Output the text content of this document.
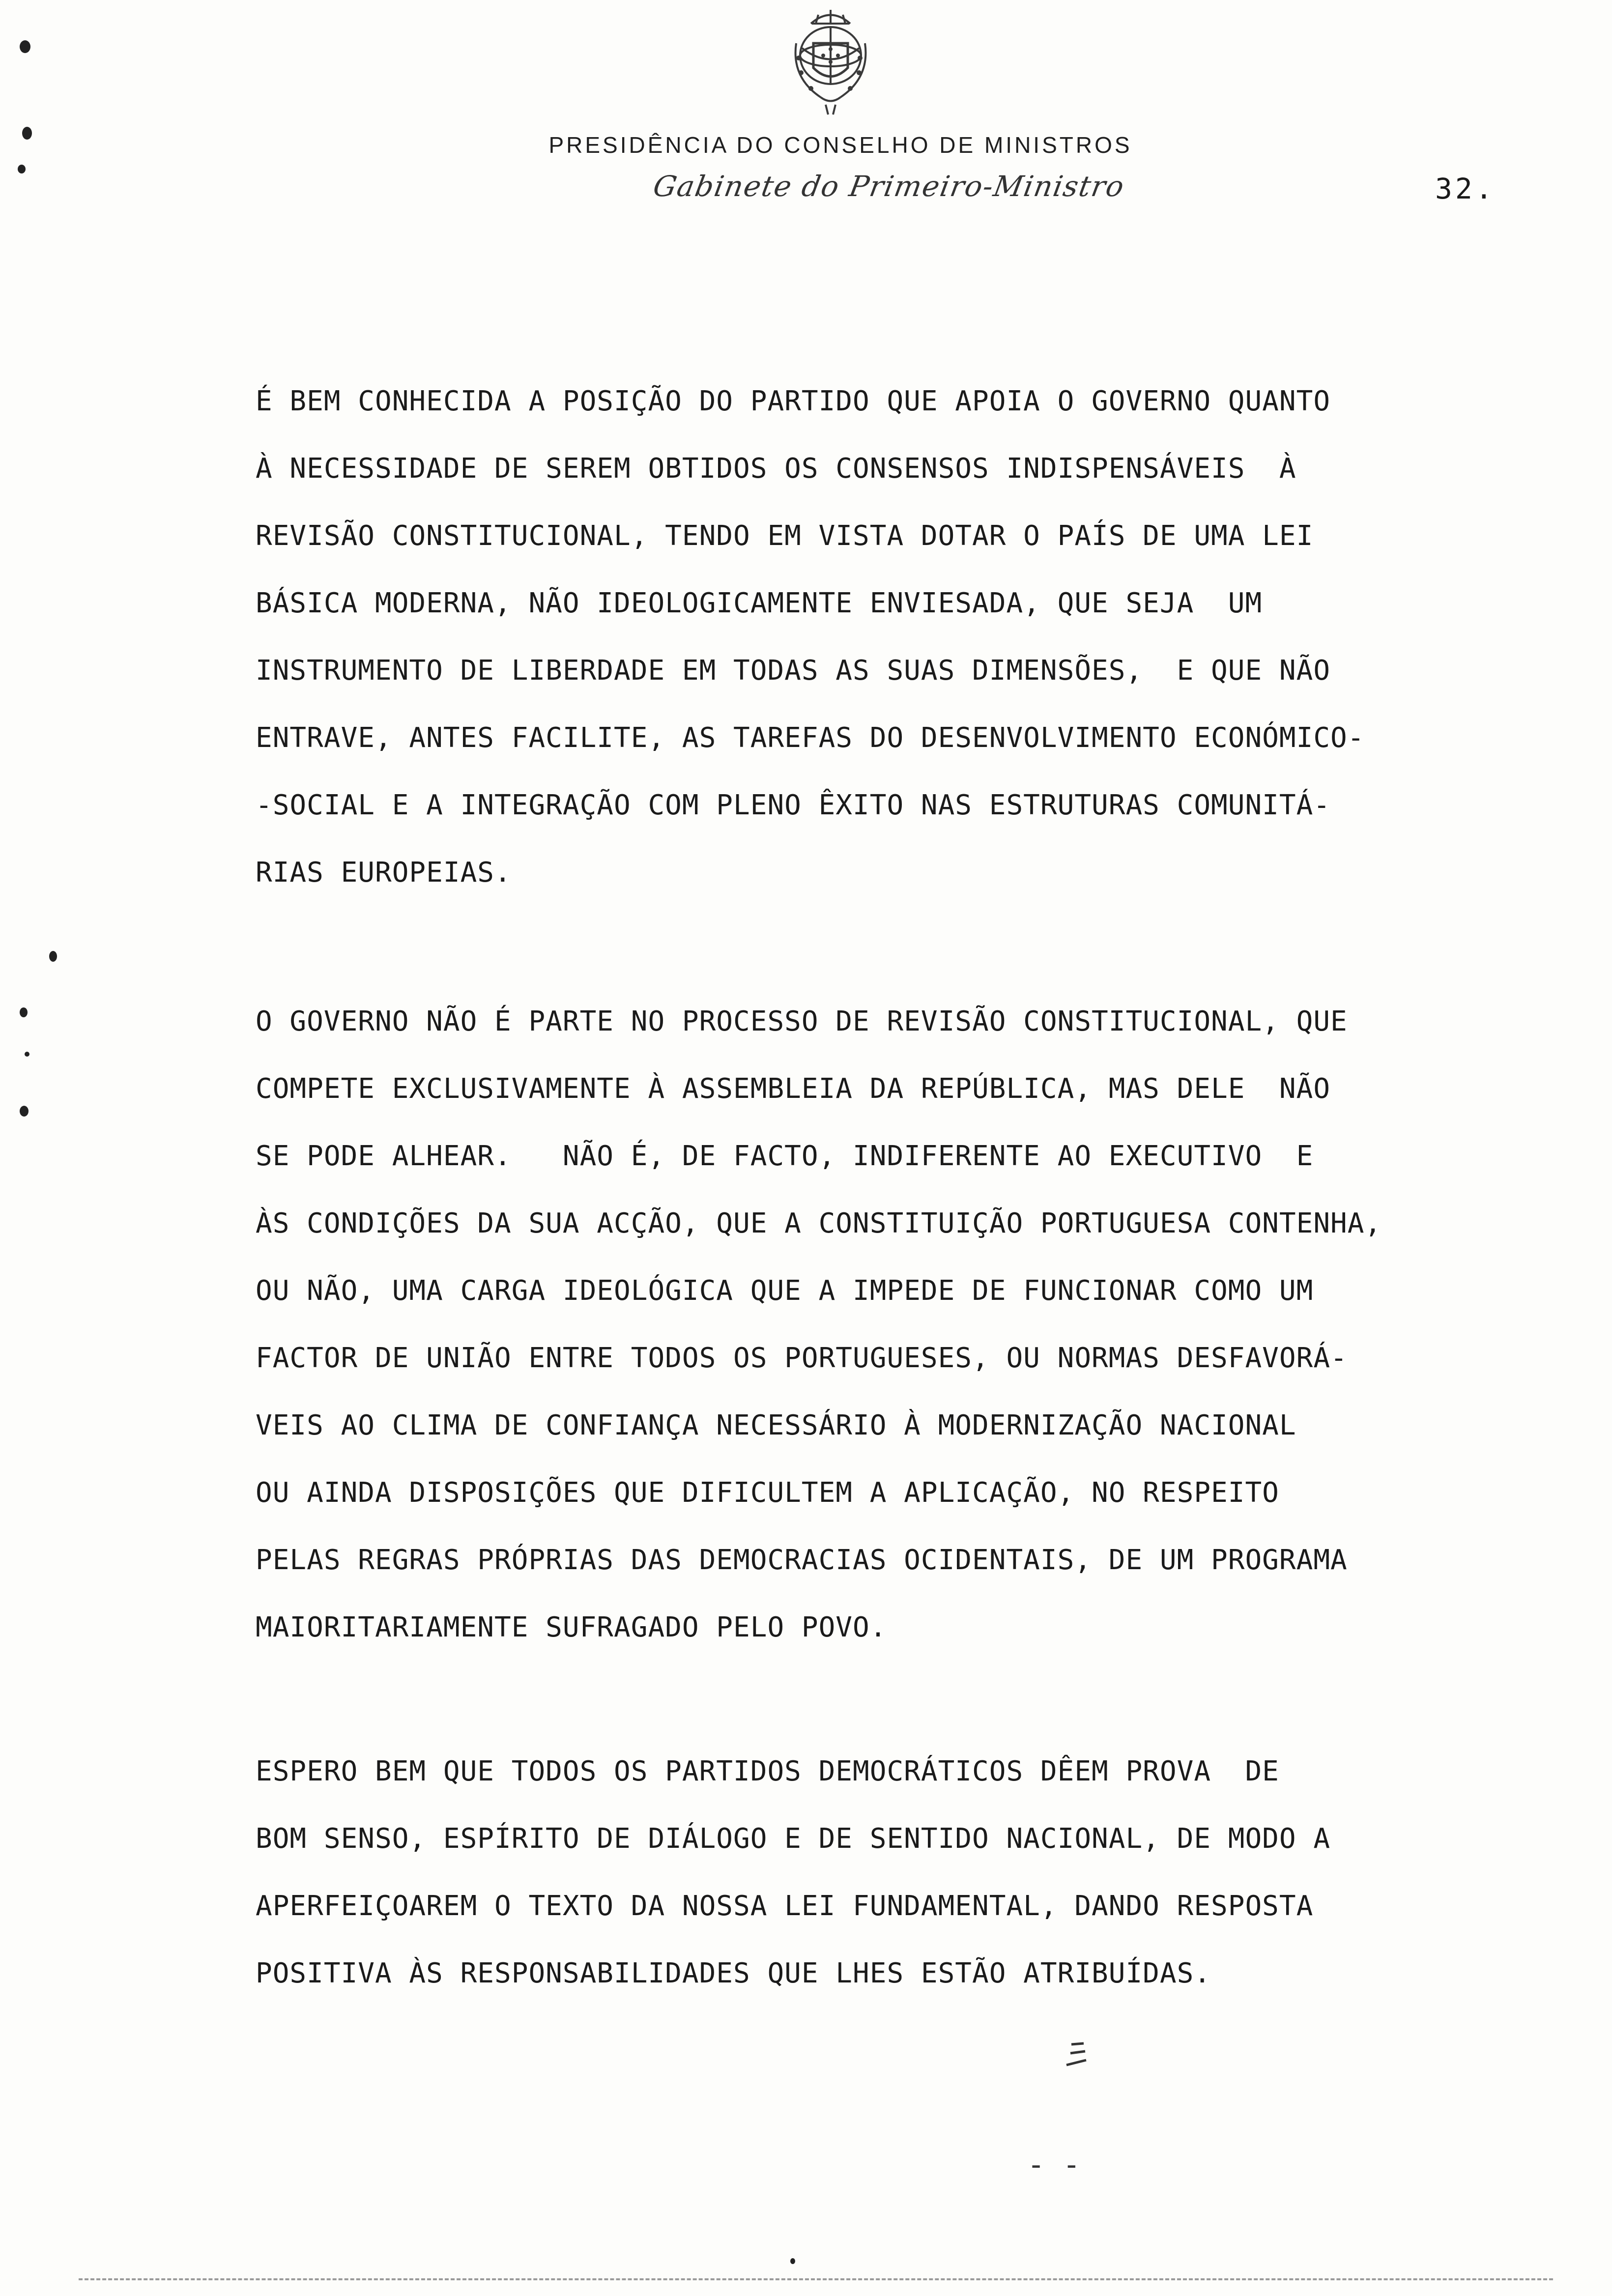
PRESIDÊNCIA DO CONSELHO DE MINISTROS
Gabinete do Primeiro-Ministro	32.
É BEM CONHECIDA A POSIÇÃO DO PARTIDO QUE APOIA O GOVERNO QUANTO
À NECESSIDADE DE SEREM OBTIDOS OS CONSENSOS INDISPENSÁVEIS  À
REVISÃO CONSTITUCIONAL, TENDO EM VISTA DOTAR O PAÍS DE UMA LEI
BÁSICA MODERNA, NÃO IDEOLOGICAMENTE ENVIESADA, QUE SEJA  UM
INSTRUMENTO DE LIBERDADE EM TODAS AS SUAS DIMENSÕES,  E QUE NÃO
ENTRAVE, ANTES FACILITE, AS TAREFAS DO DESENVOLVIMENTO ECONÓMICO-
-SOCIAL E A INTEGRAÇÃO COM PLENO ÊXITO NAS ESTRUTURAS COMUNITÁ-
RIAS EUROPEIAS.
O GOVERNO NÃO É PARTE NO PROCESSO DE REVISÃO CONSTITUCIONAL, QUE
COMPETE EXCLUSIVAMENTE À ASSEMBLEIA DA REPÚBLICA, MAS DELE  NÃO
SE PODE ALHEAR.   NÃO É, DE FACTO, INDIFERENTE AO EXECUTIVO  E
ÀS CONDIÇÕES DA SUA ACÇÃO, QUE A CONSTITUIÇÃO PORTUGUESA CONTENHA,
OU NÃO, UMA CARGA IDEOLÓGICA QUE A IMPEDE DE FUNCIONAR COMO UM
FACTOR DE UNIÃO ENTRE TODOS OS PORTUGUESES, OU NORMAS DESFAVORÁ-
VEIS AO CLIMA DE CONFIANÇA NECESSÁRIO À MODERNIZAÇÃO NACIONAL
OU AINDA DISPOSIÇÕES QUE DIFICULTEM A APLICAÇÃO, NO RESPEITO
PELAS REGRAS PRÓPRIAS DAS DEMOCRACIAS OCIDENTAIS, DE UM PROGRAMA
MAIORITARIAMENTE SUFRAGADO PELO POVO.
ESPERO BEM QUE TODOS OS PARTIDOS DEMOCRÁTICOS DÊEM PROVA  DE
BOM SENSO, ESPÍRITO DE DIÁLOGO E DE SENTIDO NACIONAL, DE MODO A
APERFEIÇOAREM O TEXTO DA NOSSA LEI FUNDAMENTAL, DANDO RESPOSTA
POSITIVA ÀS RESPONSABILIDADES QUE LHES ESTÃO ATRIBUÍDAS.
- -
